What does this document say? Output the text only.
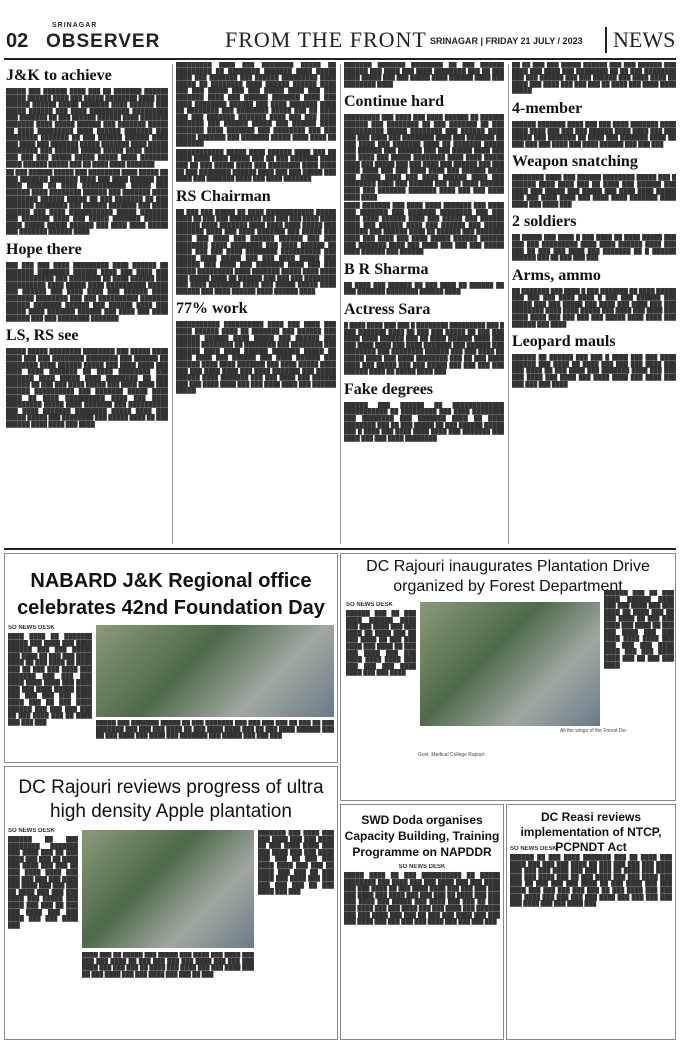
02
SRINAGAR
OBSERVER	FROM THE FRONT SRINAGAR | FRIDAY 21 JULY / 2023	NEWS
J&K to achieve
█████ ███ ██████ ████ ███ ██ ███████ ██████ █████ ██████ ████ ███ █████ ████████ ████ ███ ██████ ██████ █████ ███████ ████ ██████ ███ █████ ██████ ███ ████ ██████████ █████████ ███ ███████ ██ ███ ██████ ██████ ████ ███████ ███████ ████ █████ ██████ ███ ███████ █████ ██ ████ █████████ ████ ██████ ███████ ███ ████████ ███████ ██ ███ ██████ ██████ ████ ███ ████ ███ ███████ █████ ███████ ████ █████ ████████ ███ ██████ █████ █████ ████ ██████ ███ ███ ███ █████ █████ █████ ████ ███████ ████ ██████ █████ ███ ██ ████ ████ ███████
██ ███ ██████ █████ ███ ████████ ████ █████ ██ ███ ███████ ███████ ████ ███ ████ ██████ ███ ████ ████ ██ ████ ███████████ █████ ███ ██████ ████ ████████ ██████ ███ ███████ ████ ████████ ██████ █████ ██ ███ ███████ ██ ███ ███████ ████████ ███ ██████ ███████ ███ ████ ██████ ███ ████ ███████████ █████ ███████ ███ ███████ ████ ███ █████ ███████ ██████ ████ █████ █████ ██████ ███ ████ ████ █████ ███ ███████ ██████ ████
Hope there
███ ███ ███ ████ █████████ ████ ██████ ██ ███████ ████████ ██████ ████ ███ ████ ███ ████████████ ███ ████████ ██ ████ ██████ ███ ██████████ ████ █████ ████ ██████████ █████ ███ ██████ ███ ████ ████ ███ ██████ ████ ███████ ████████ ███ ███ ██████████ ███████ ██████ ███████ ██████ ███ ██████ ████ ███ █████ ████ ███████ ██████ ███ ████ ███ ████ ██████ ███ ███ ████████ ███████
LS, RS see
█████ █████ ████████ ████████ ███ █████ ████ ████ ███ ███ ████████ ████████ ███ ██████ ██ ████████ ████ ██████ █████ ███ ████ ████ ███ ████ ████ ███████ ██ ████ ████████ ███ ███████ ████ █████ ████ ████████ ██ ███ ██████ ██ ███ ███ ████ █████ ███ ████ ████ ███ ██████ ██████████ ███ ███████ █████ ████ ████ ██ ████ ██████████ ████ ███ ████ █████████ █████ ████ ███████ ███ ██████████ ███ ████ ███████ ████████ █████ ████ ███ █████ █████ ███ ████████ ███ █████ ████ ██ ███ ██████ ████ ████ ███ ████
█████████ ████ ███ ████████ █████ ██ █████████ ██ ████████ ███████ ████ █████ ████ ███ ███████ ███ ██████ █████████ ████ █████ ██ ████████ ████ ██████ ██████ ████ ███ ███ █████ ███ ███ █████ ████ ███ ███ ███████ ████ ███ ██████ ███████ ████ ███ ████ ████████ ██████ ███ ████ ███████ ████ ██ ████████ ███ ████████ █████ ███ ██ ████ ███ ███ ███████ ███████ ████ ███ ███ ████ ███████ ███ ██████ █████ ███ ██████ ████ ███████ ████ ███████ ███ ████████ ███ ███ █████ ███████ ███ ███████ █████ ████ ████ ██ ███████
████████████ █████ ████ ██████ ████ ███ ██ ████ ████ ████ █████ ███ ██ ███ ███████ ████ ███ ██ ███ █████ ████ ███ ████████ ████ ████ ██ ███ ████████ ██████ ████ ███ ███ █████ ███ ████ ███ ███████ ████ ███ ████ ███████
RS Chairman
██ ███ ███ █████ ██ ████ ████████████ █████ ████ ██ ███ ███ ████████ ███ ███ ███ ████ ████ ██████ ████ ███████ ████ ████ ████ █████ ███ ███████ ████ ███ ████ ███████ ███ █████ ███ ████ ███ ████ ███ ██████ ██████ ███ ███ ████████ ████ ████████ ███ ████ ██████ ██ ████ ███ ███ ████ ████████ ██████████ ███ █████ ████ █████ ███ ███ ████ █████ ███ ██████ ███ ████ ███ ███████ ████ ███ ███ █████ █████████ ████ ███████ █████ ████ ████ ███ █████ ████ ██ ██████ ███ ███ ███ ████████ ███ ████ ████████ ████ ███ █████ █████ ████ ██████ ███ ████ ██████ ████ ██████ ████
77% work
███████████ ██████████ ████ ███ ████ ███ ████ ██████ ████ ██ ███████ ███ ██████ ███ ██████ ██████ ████ █████ ███ ██████ ███ ██████ ████████ ██ ████████ ███ ████████ ███ ██████ ████ ████ ██████ ███████ █████ ██ ████ ████ ███ ██████ ███ ████ ██████ ███ ██████ ████ ████ ███████ ███ ████ █████ ████ ███ ███ ████ ████ ███ ████ ███████ ███ █████ ██████ ████ ███████ ███ ███ ████ ███ ██████ ███ ███ ████ ████ ███ ███ ████ ████ ███ ██████ █████
███████ ███████ ████████ ██ ███ ██████ ██████ ███ ████ ███ ████ ████████ ███ ██ ███ ████ █████ ███ ███ █████ ████ ██████ ████ ███ ████████ ████
Continue hard
█████████ ███ ████ ███ ████ ██████ ██ ██████ ██████ ███ ████████ ██ ███ ███████ ██ ███ ██████████ █████ ████████ ███ ██████ ████ ███ ███ ████ ███ ████████ ████ ███ ███████ ██ ███ ████ ███ ███████ ████ ██ ███████ █████ ███ ██████ ███ ██████ ███ ███ █████ ████ ███ ███ ████ ███ █████ ████████ ████ ████ █████ ████ ███ █████ ███ ███ ████ ███ ██████ ███ ███ ████ ████ ███ ███ ████ ████ ███ ██████ ████ ███ █████ ████ ███ ████ ██████ ████ ███ ████████ ████ ███ ██████ ███ ███ ████ ██████ ████ ███ ███████ ███████ ████ ███ ███ ████ ████ ████
████ ███████ ███ ████ ████ ███████ ███ ████ ███ ███████ ███ ███████ ████████ ███ ███ ████ ████ ██████ ████ ███ █████ ███ ██████ ████ ███ ██████ ████ ███ ██████ ███ █████ ██████ ███ ██████ ████ ██ ██████ ███ ███████ ████ ███ ████ ███ ████ █████ ██████ ██████ ███ ███████ ████ ███ ████ ███ ███ ███ █████ ████ ██████ ███ ██████
B R Sharma
██ ████ ███ ██████ ██ ███ ████ ██ ██████ ██ ███ ███████ ████████ ██████ ████
Actress Sara
█ ████ ████ ███ ███ █ ████████ █████████ ███ █ ███ ███████ ████ ██ ███ ███ █████ ██ ███ ███ ████ ████ ██████ ███ ██ ████ ██████ ████ ███ ███ ████ ████ ███ ████ ███████ ███ ██████ ███ ████████ ███ ████████ ██████ ███ ███ ████ ██ █████ ████ ███ ████ ████████ ███ ██ ███ ████ ████ ███ █████ ███ ███ █████ ███ ███ ███ ███ ██████ ████ ██ █████ ████ ███
Fake degrees
██████ ███ ██████ ██ █████████████ ███████████ ██ █████████ ███ ████ ████████ ███ ████████ ███ ███████ ████ ██ ████ ████████ ███ ██ ███ █████ ██ ███ ██████ █████ ███ █ ████ ███ ████ ████ ████ ███ ███████ ███ ████ ███ ███ ████ ████████
██ ██ ███ ███ █████ ██████ ███ ███ ██████ ███ ████ ███ ████ ███ ████████ ██ ██ ███ ████████ ███ ███ ██████ ███ ███ ██████ ███ ████ ████ ██ ████ ███ ████ ███ ███ ███ ██ ████ ███ ████ ████ █████
4-member
██████ ███████ ████ ███ ███ ████ ███████ ████ ████ ████ ███ ███ ███ ██████ ████ ████ ███ ███ █████ ███ ███████ ██ ████ ███ ███████ ████ ██ ███ ███ ███ ████ ███ ████ ██████ ███ ███ ███
Weapon snatching
████████ ████ ███ ██████ ████████ █████ ███ █ ██████ ████ ████ ███ ██ ████ ███ ██████ ███ ████ ███ █████ ███ █████ ███ ████ ████ █████ ███ ███ ████ ████ ███ ████ ████ ███████ ████ ████ ███ ████ ███
2 soldiers
██ █████ ███ ████ █ ███ ████ ██ ████ █████ ███ ███ ███ █████████ ████ ████ ██████ ████ ███ ███ ██ ███ ███ ████ ███ ███████ ██ █ ██████ ██████ ███ ██ ███ ███ ███
Arms, ammo
██ ███████ ███ ████ █ ███ ███████ ██ ████ █████ ███ ███ ███ ████ ████ █ ███ ███ ██████ ███ █████ ███ ███ █████ ███ ████ ███ ████ ███ ███ ████████ ████ ████ █████ ███ ████ ███ ████ ███ ████ ████ ███ ███ ███ ███ █████ ████ ████ ███ ██████ ███ ████
Leopard mauls
██████ ██ ██████ ███ ███ █ ████ ███ ███ ████ ██████ ███ ████ ██ ████ ███ ███ ███ ████ ███ ███ ████ ██ ███ ████ ███ ███████ ████ ███ ███ ███ ████ ███ ████ ███ ████ ████ ███ ████ ███ ███ ███ ███ ████
NABARD J&K Regional office celebrates 42nd Foundation Day
SO NEWS DESK
████ ████ ██ ███████ █████ ███ ████ ███ ████ ██████ ███ ███ █████ ███ ████ ██ ███ ███ ████ ████ ██ ███ ████ ██ ████ ███ ██ ███ ███ ████ ███ ███████ ███ ███ ███ ████ ████ ████ ███ ████ ███ ███ ████ █████ ████ ███ ███ ███ ███ ████ ████ ███ ██ ███ ████ ██████ ███ ███ ███ ███ ██ ███ ████ ███ ██ ████ ███ ███ ███	█████ ███ ███████ █████ ██ ███ ███████ ███ ███ ███ ███ ██ ███ ██ ███ ███████ ███ ███ ███ ████ ██ ███ ████ ████ ███ ██ ███ ████ ██████ ███ ██ ███ ████ ███ ████ ███ ███████ ███ █████ ███ ███ ███
DC Rajouri inaugurates Plantation Drive organized by Forest Department
SO NEWS DESK
██████ ███ ██ ███ ████ ██████ ████ ███ ███ ████ ███ ███ ████ ██ ████ ███ ██ ███ ████ ██ ███ ███ ████ ███ ████ ██ ███ ███ ████ ███ ███ ████ ████ ████ ███ ███ ███ ███ ████ ████ ███ ███ ████
██████ ███ ██ ███ ████ ██████ ████ ███ ███ ████ ███ ███ ████ ██ ████ ███ ██ ███ ████ ██ ███ ███ ████ ███ ████ ██ ███ ███ ████ ███ ███ ████ ████ ████ ███ ███ ███ ███ ████ ████ ███ ███ ████ ████ ███ ██ ███ ███ ████
All the wings of the Forest De-
Govt. Medical College Rajouri.
DC Rajouri reviews progress of ultra high density Apple plantation
SO NEWS DESK
██████ ██ ███ ████████ ███████ ███ ████ ███ ██ ███ ████ ███ ███ ██ ████ ███ ████ ███ ███ ██ ███ ████ ████ ███ ███ ███ ███ ███ ████ ███ ████ ███ ███ ███ ██ ████ ███ ███ ███ ████ ███ █████ ███ ████ ███ ███ ██ ███ ███ ████ ███ ███ ████ ███ ███ ████ ███
███████ ███ ████ ███ ███ ████ ███ ███ ████ ██ ███ ████ ████ ███ ███ ████ ███ ███ ████ ███ ███ ██ ███ ███ ████ ████ ███ ███ ██ ████ ███ ███ ██ ███ ████ ███ ████ ███ ███ ███ ███ ███ ██ ███ ████ ███ ███
████ ███ ██ █████ ███ █████ ███ ████ ███ ████ ███ ███ ███ ████ ██ ███ ███ ███ ███ ████ ███ ███ ███ ████ ███ ███ ███ ██ ████ ███ ████ ███ ███ ████ ███ ██ ███ ████ ███ ███ ████ ███ ███ ██ ███
SWD Doda organises Capacity Building, Training Programme on NAPDDR
SO NEWS DESK
█████ ████ ██ ███ ██████████ ██ █████ ████████ ███ ████ ███ ███ ████ ███ ███ ████ ███ ███ ████ ██ ███ ████ ████ ███ ███ ███ ███ ███ ████ ███ ████ ███ ███ ███ ██ ████ ███ ███ ███ ████ ███ █████ ███ ████ ███ ███ ██ ███ ███ ████ ███ ███ ████ ███ ███ ████ ███ ██████ ███ ███ ████ ███ ███ ██ ███ ███ ████ ███ ███ ███ ████ ███ ███ ███ ███ ████ ███ ███ ███ ███
DC Reasi reviews implementation of NTCP, PCPNDT Act
SO NEWS DESK
██████ ██ ███ ████ ███████ ███ ██ ████ ███ ████ ███ ███ ███ ████ ██ ███ ███ ███ ███ ████ ███ ███ ███ ████ ███ ███ ███ ██ ████ ███ ████ ███ ███ ████ ███ ██ ███ ████ ███ ███ ████ ███ ███ ██ ███ ███ ███ ████ ██ ███ ████ ███ ███ ████ ███ ███ ███ ███ ███ ██ ███ ████ ███ ███ ███ ████ ███ ███ ███ ███ ████ ███ ███ ███ ███ ███ ████ ███ ███ ████ ███
